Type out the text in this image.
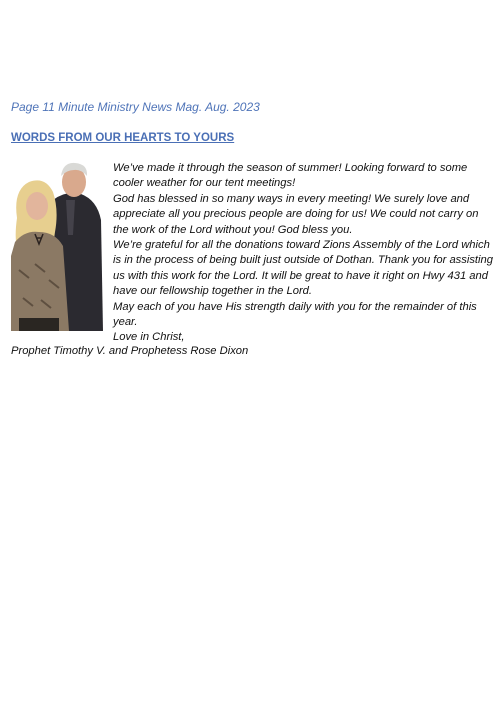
Page 11 Minute Ministry News Mag. Aug. 2023
WORDS FROM OUR HEARTS TO YOURS

We’ve made it through the season of summer! Looking forward to some cooler weather for our tent meetings!

God has blessed in so many ways in every meeting! We surely love and appreciate all you precious people are doing for us! We could not carry on the work of the Lord without you! God bless you.

We’re grateful for all the donations toward Zions Assembly of the Lord which is in the process of being built just outside of Dothan. Thank you for assisting us with this work for the Lord. It will be great to have it right on Hwy 431 and have our fellowship together in the Lord.

May each of you have His strength daily with you for the remainder of this year.

Love in Christ,

Prophet Timothy V. and Prophetess Rose Dixon
